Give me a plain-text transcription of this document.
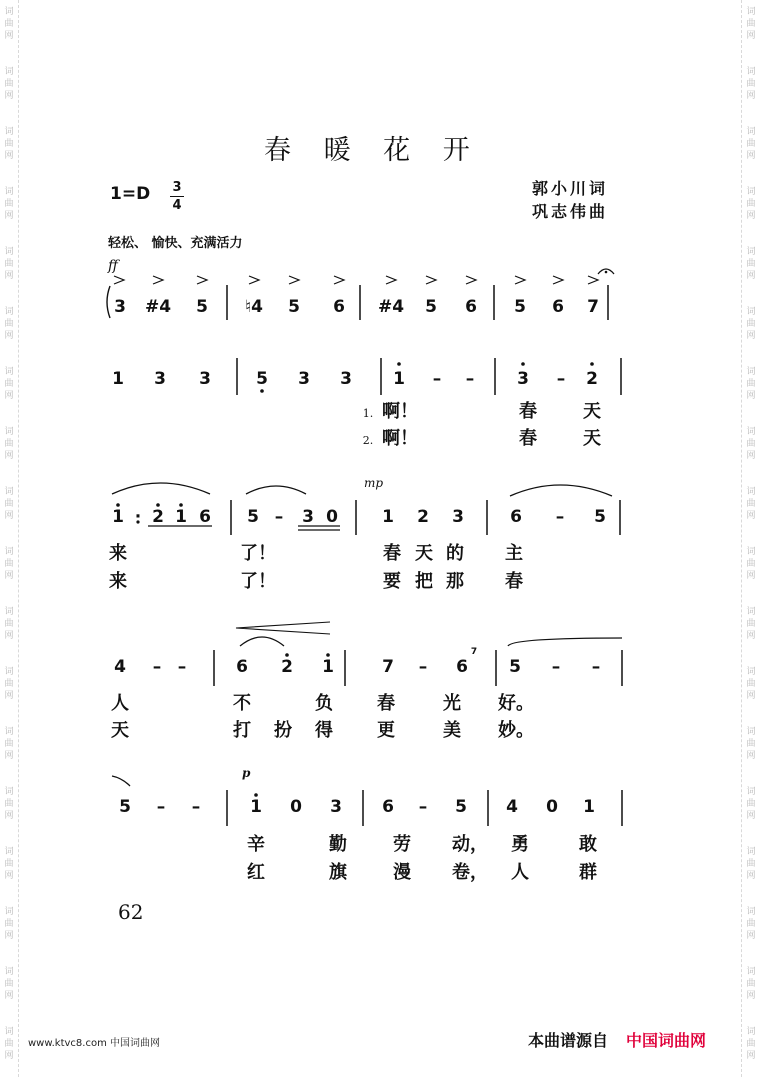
词
曲
网
词
曲
网
词
曲
网
词
曲
网
词
曲
网
词
曲
网
词
曲
网
词
曲
网
词
曲
网
词
曲
网
词
曲
网
词
曲
网
词
曲
网
词
曲
网
词
曲
网
词
曲
网
词
曲
网
词
曲
网
词
曲
网
词
曲
网
词
曲
网
词
曲
网
词
曲
网
词
曲
网
词
曲
网
词
曲
网
词
曲
网
词
曲
网
词
曲
网
词
曲
网
词
曲
网
词
曲
网
词
曲
网
词
曲
网
词
曲
网
词
曲
网
春 暖 花 开
1=D 3
4
郭小川词
巩志伟曲
轻松、 愉快、充满活力
ff
mp
p
3 #4 5 ♮4 5 6 #4 5 6 5 6 7
1 3 3	5 3 3 1 – –	3 – 2
1 · 2 1 6 5 – 3 0	1 2 3	6 – 5
4 – –	6 2 1	7 – 6
7
5 – –
5 – –	1 0 3 6 – 5 4 0 1
1. 啊！	春	天
2. 啊！	春	天
来	了！	春 天 的 主
来	了！	要 把 那 春
人	不	负 春	光 好。
天	打 扮 得 更	美 妙。
辛	勤	劳 动， 勇	敢
红	旗	漫 卷， 人	群
62
www.ktvc8.com 中国词曲网	本曲谱源自 中国词曲网
